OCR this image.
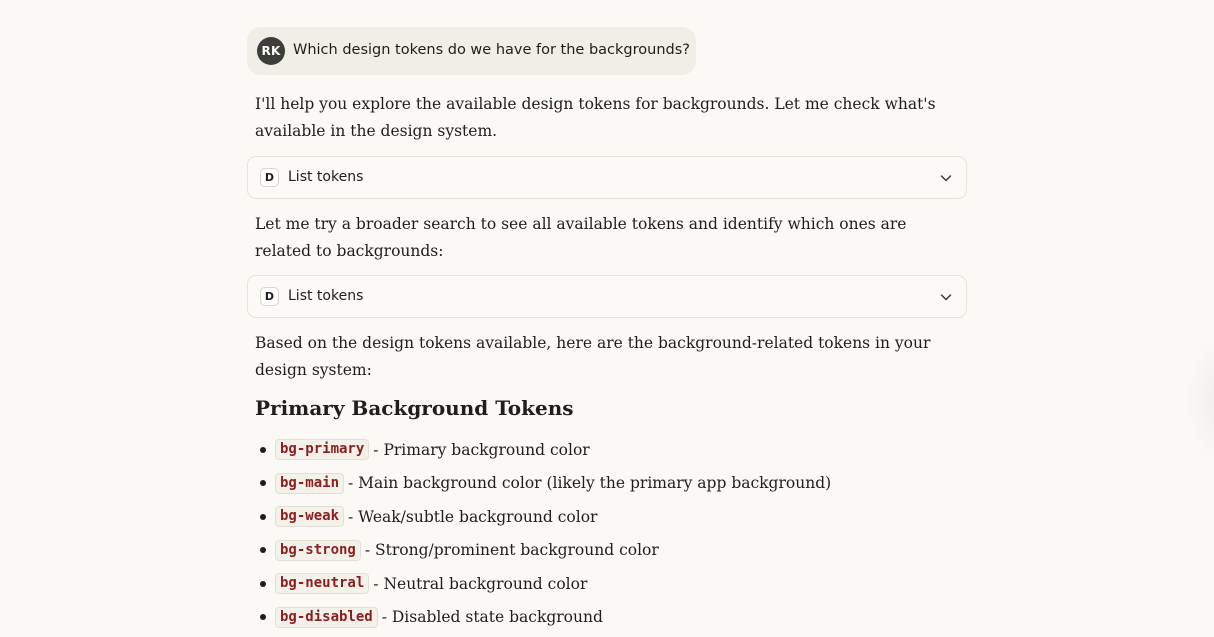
RK Which design tokens do we have for the backgrounds?

I'll help you explore the available design tokens for backgrounds. Let me check what's available in the design system.

D List tokens

Let me try a broader search to see all available tokens and identify which ones are related to backgrounds:

D List tokens

Based on the design tokens available, here are the background-related tokens in your design system:

Primary Background Tokens
bg-primary - Primary background color
bg-main - Main background color (likely the primary app background)
bg-weak - Weak/subtle background color
bg-strong - Strong/prominent background color
bg-neutral - Neutral background color
bg-disabled - Disabled state background
